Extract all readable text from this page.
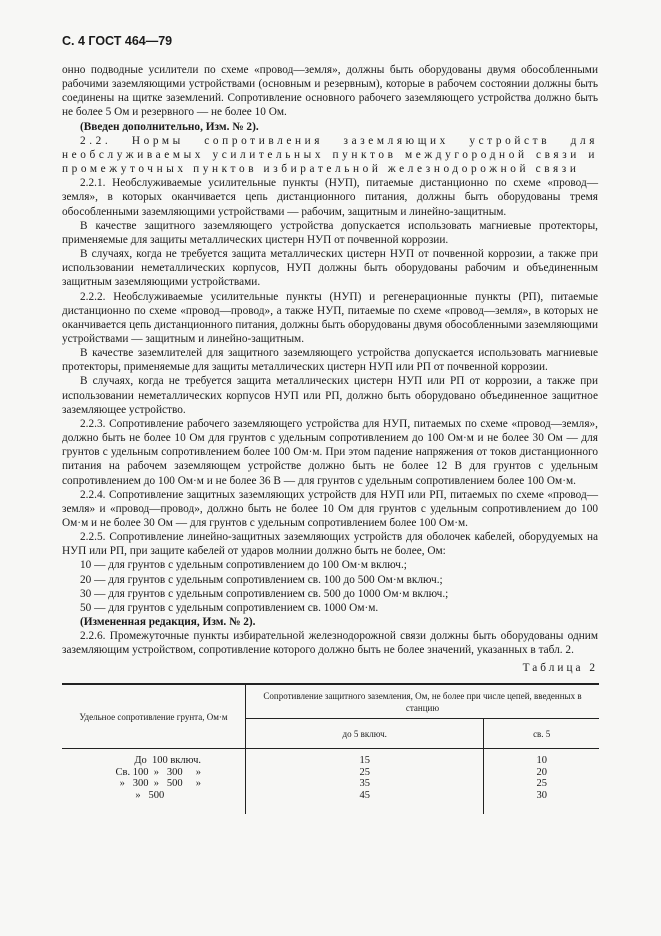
С. 4 ГОСТ 464—79

онно подводные усилители по схеме «провод—земля», должны быть оборудованы двумя обособленными рабочими заземляющими устройствами (основным и резервным), которые в рабочем состоянии должны быть соединены на щитке заземлений. Сопротивление основного рабочего заземляющего устройства должно быть не более 5 Ом и резервного — не более 10 Ом.

(Введен дополнительно, Изм. № 2).

2.2. Нормы сопротивления заземляющих устройств для необслуживаемых усилительных пунктов междугородной связи и промежуточных пунктов избирательной железнодорожной связи

2.2.1. Необслуживаемые усилительные пункты (НУП), питаемые дистанционно по схеме «провод—земля», в которых оканчивается цепь дистанционного питания, должны быть оборудованы тремя обособленными заземляющими устройствами — рабочим, защитным и линейно-защитным.

В качестве защитного заземляющего устройства допускается использовать магниевые протекторы, применяемые для защиты металлических цистерн НУП от почвенной коррозии.

В случаях, когда не требуется защита металлических цистерн НУП от почвенной коррозии, а также при использовании неметаллических корпусов, НУП должны быть оборудованы рабочим и объединенным защитным заземляющими устройствами.

2.2.2. Необслуживаемые усилительные пункты (НУП) и регенерационные пункты (РП), питаемые дистанционно по схеме «провод—провод», а также НУП, питаемые по схеме «провод—земля», в которых не оканчивается цепь дистанционного питания, должны быть оборудованы двумя обособленными заземляющими устройствами — защитным и линейно-защитным.

В качестве заземлителей для защитного заземляющего устройства допускается использовать магниевые протекторы, применяемые для защиты металлических цистерн НУП или РП от почвенной коррозии.

В случаях, когда не требуется защита металлических цистерн НУП или РП от коррозии, а также при использовании неметаллических корпусов НУП или РП, должно быть оборудовано объединенное защитное заземляющее устройство.

2.2.3. Сопротивление рабочего заземляющего устройства для НУП, питаемых по схеме «провод—земля», должно быть не более 10 Ом для грунтов с удельным сопротивлением до 100 Ом·м и не более 30 Ом — для грунтов с удельным сопротивлением более 100 Ом·м. При этом падение напряжения от токов дистанционного питания на рабочем заземляющем устройстве должно быть не более 12 В для грунтов с удельным сопротивлением до 100 Ом·м и не более 36 В — для грунтов с удельным сопротивлением более 100 Ом·м.

2.2.4. Сопротивление защитных заземляющих устройств для НУП или РП, питаемых по схеме «провод—земля» и «провод—провод», должно быть не более 10 Ом для грунтов с удельным сопротивлением до 100 Ом·м и не более 30 Ом — для грунтов с удельным сопротивлением более 100 Ом·м.

2.2.5. Сопротивление линейно-защитных заземляющих устройств для оболочек кабелей, оборудуемых на НУП или РП, при защите кабелей от ударов молнии должно быть не более, Ом:

10 — для грунтов с удельным сопротивлением до 100 Ом·м включ.;

20 — для грунтов с удельным сопротивлением св. 100 до 500 Ом·м включ.;

30 — для грунтов с удельным сопротивлением св. 500 до 1000 Ом·м включ.;

50 — для грунтов с удельным сопротивлением св. 1000 Ом·м.

(Измененная редакция, Изм. № 2).

2.2.6. Промежуточные пункты избирательной железнодорожной связи должны быть оборудованы одним заземляющим устройством, сопротивление которого должно быть не более значений, указанных в табл. 2.

Таблица 2
Удельное сопротивление грунта, Ом·м	Сопротивление защитного заземления, Ом, не более при числе цепей, введенных в станцию	
	до 5 включ.	св. 5
До  100 включ.	15	10
Св. 100  »   300     »	25	20
»   300  »   500     »	35	25
»   500	45	30
